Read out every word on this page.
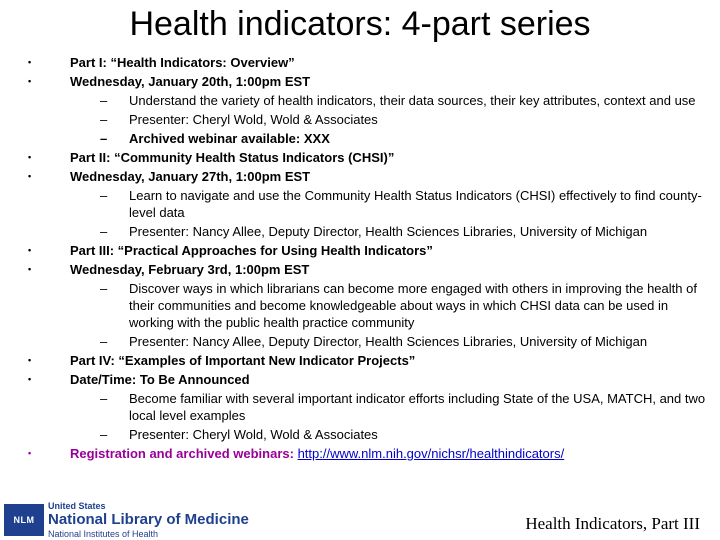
Health indicators: 4-part series
•	Part I: “Health Indicators: Overview”
•	Wednesday, January 20th, 1:00pm EST
– Understand the variety of health indicators, their data sources, their key attributes, context and use
– Presenter: Cheryl Wold, Wold & Associates
– Archived webinar available: XXX
•	Part II: “Community Health Status Indicators (CHSI)”
•	Wednesday, January 27th, 1:00pm EST
– Learn to navigate and use the Community Health Status Indicators (CHSI) effectively to find county-level data
– Presenter: Nancy Allee, Deputy Director, Health Sciences Libraries, University of Michigan
•	Part III: “Practical Approaches for Using Health Indicators”
•	Wednesday, February 3rd, 1:00pm EST
– Discover ways in which librarians can become more engaged with others in improving the health of their communities and become knowledgeable about ways in which CHSI data can be used in working with the public health practice community
– Presenter: Nancy Allee, Deputy Director, Health Sciences Libraries, University of Michigan
•	Part IV: “Examples of Important New Indicator Projects”
•	Date/Time: To Be Announced
– Become familiar with several important indicator efforts including State of the USA, MATCH, and two local level examples
– Presenter: Cheryl Wold, Wold & Associates
•	Registration and archived webinars: http://www.nlm.nih.gov/nichsr/healthindicators/
NLM
United States
National Library of Medicine
National Institutes of Health
Health Indicators, Part III
